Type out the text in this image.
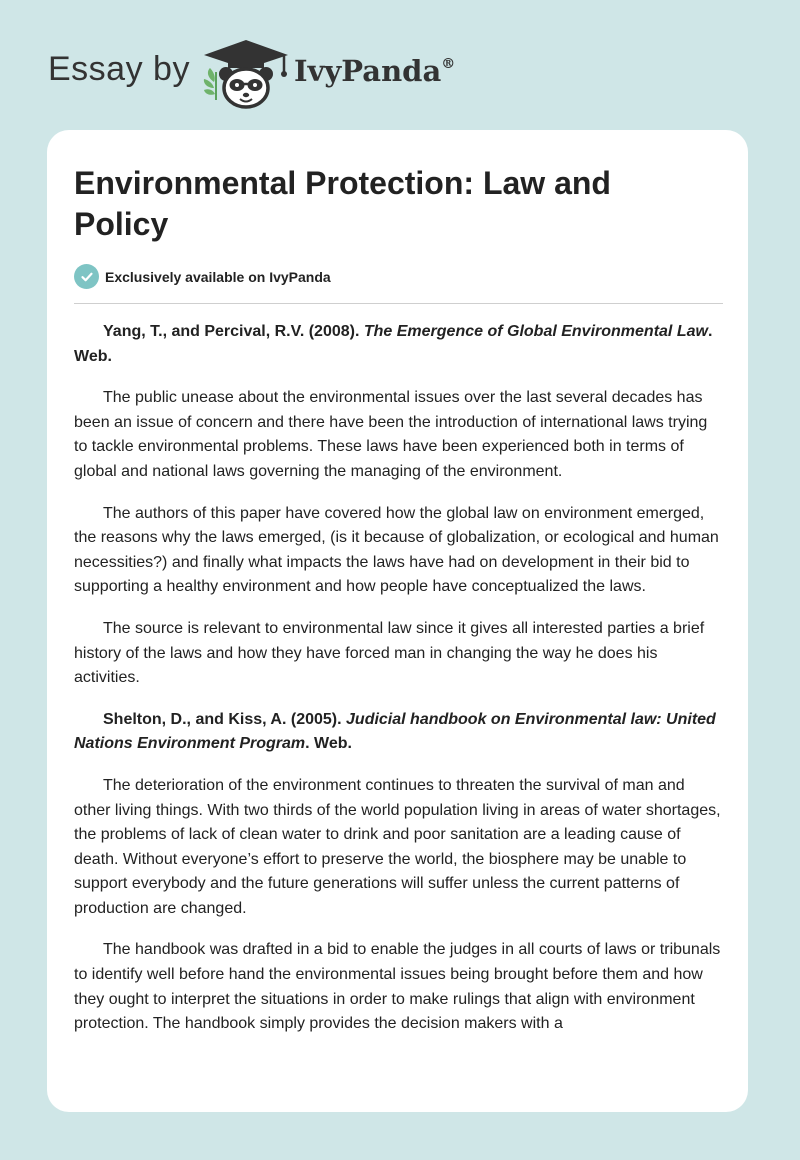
Essay by	IvyPanda®
Environmental Protection: Law and Policy
Exclusively available on IvyPanda

Yang, T., and Percival, R.V. (2008). The Emergence of Global Environmental Law. Web.

The public unease about the environmental issues over the last several decades has been an issue of concern and there have been the introduction of international laws trying to tackle environmental problems. These laws have been experienced both in terms of global and national laws governing the managing of the environment.

The authors of this paper have covered how the global law on environment emerged, the reasons why the laws emerged, (is it because of globalization, or ecological and human necessities?) and finally what impacts the laws have had on development in their bid to supporting a healthy environment and how people have conceptualized the laws.

The source is relevant to environmental law since it gives all interested parties a brief history of the laws and how they have forced man in changing the way he does his activities.

Shelton, D., and Kiss, A. (2005). Judicial handbook on Environmental law: United Nations Environment Program. Web.

The deterioration of the environment continues to threaten the survival of man and other living things. With two thirds of the world population living in areas of water shortages, the problems of lack of clean water to drink and poor sanitation are a leading cause of death. Without everyone’s effort to preserve the world, the biosphere may be unable to support everybody and the future generations will suffer unless the current patterns of production are changed.

The handbook was drafted in a bid to enable the judges in all courts of laws or tribunals to identify well before hand the environmental issues being brought before them and how they ought to interpret the situations in order to make rulings that align with environment protection. The handbook simply provides the decision makers with a
